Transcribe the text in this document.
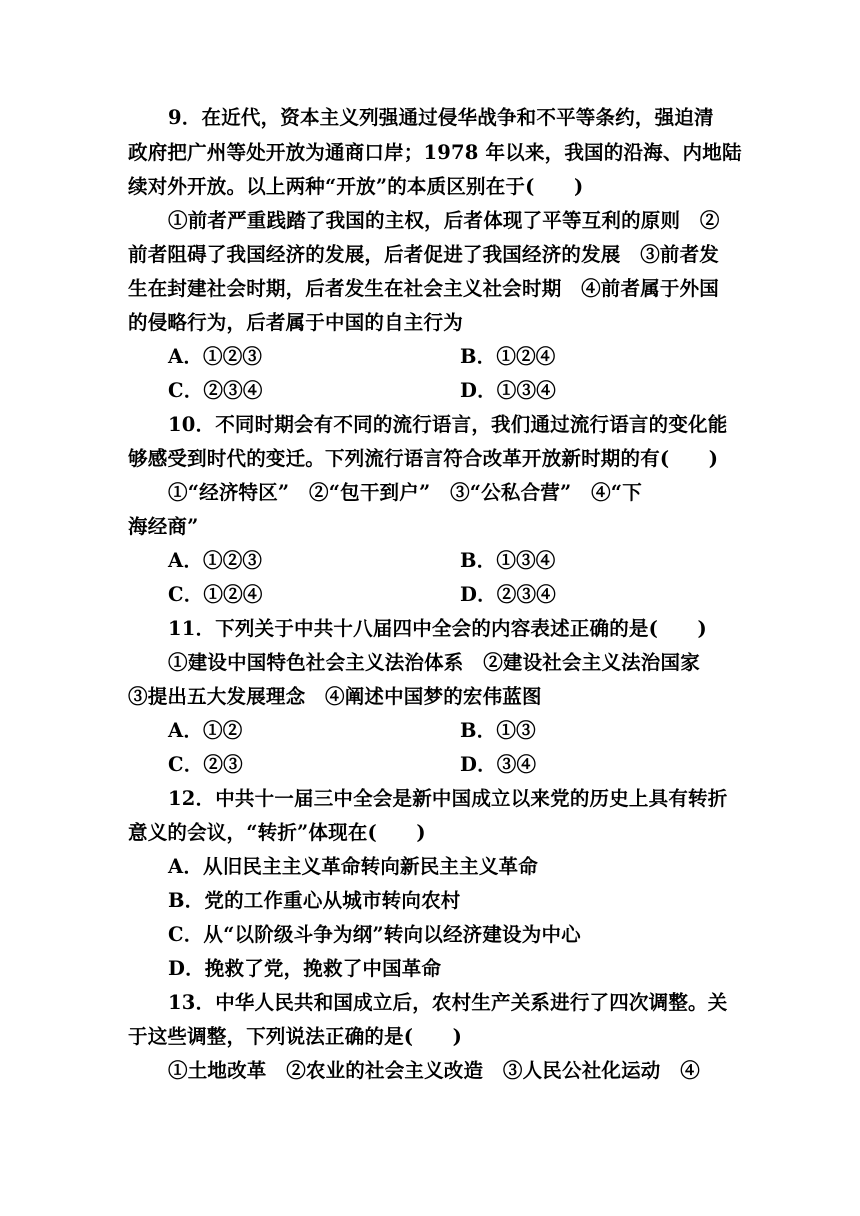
9．在近代，资本主义列强通过侵华战争和不平等条约，强迫清
政府把广州等处开放为通商口岸；1978 年以来，我国的沿海、内地陆
续对外开放。以上两种“开放”的本质区别在于(　　)
①前者严重践踏了我国的主权，后者体现了平等互利的原则　②
前者阻碍了我国经济的发展，后者促进了我国经济的发展　③前者发
生在封建社会时期，后者发生在社会主义社会时期　④前者属于外国
的侵略行为，后者属于中国的自主行为
A．①②③	B．①②④
C．②③④	D．①③④
10．不同时期会有不同的流行语言，我们通过流行语言的变化能
够感受到时代的变迁。下列流行语言符合改革开放新时期的有(　　)
①“经济特区”　②“包干到户”　③“公私合营”　④“下
海经商”
A．①②③	B．①③④
C．①②④	D．②③④
11．下列关于中共十八届四中全会的内容表述正确的是(　　)
①建设中国特色社会主义法治体系　②建设社会主义法治国家
③提出五大发展理念　④阐述中国梦的宏伟蓝图
A．①②	B．①③
C．②③	D．③④
12．中共十一届三中全会是新中国成立以来党的历史上具有转折
意义的会议，“转折”体现在(　　)
A．从旧民主主义革命转向新民主主义革命
B．党的工作重心从城市转向农村
C．从“以阶级斗争为纲”转向以经济建设为中心
D．挽救了党，挽救了中国革命
13．中华人民共和国成立后，农村生产关系进行了四次调整。关
于这些调整，下列说法正确的是(　　)
①土地改革　②农业的社会主义改造　③人民公社化运动　④
